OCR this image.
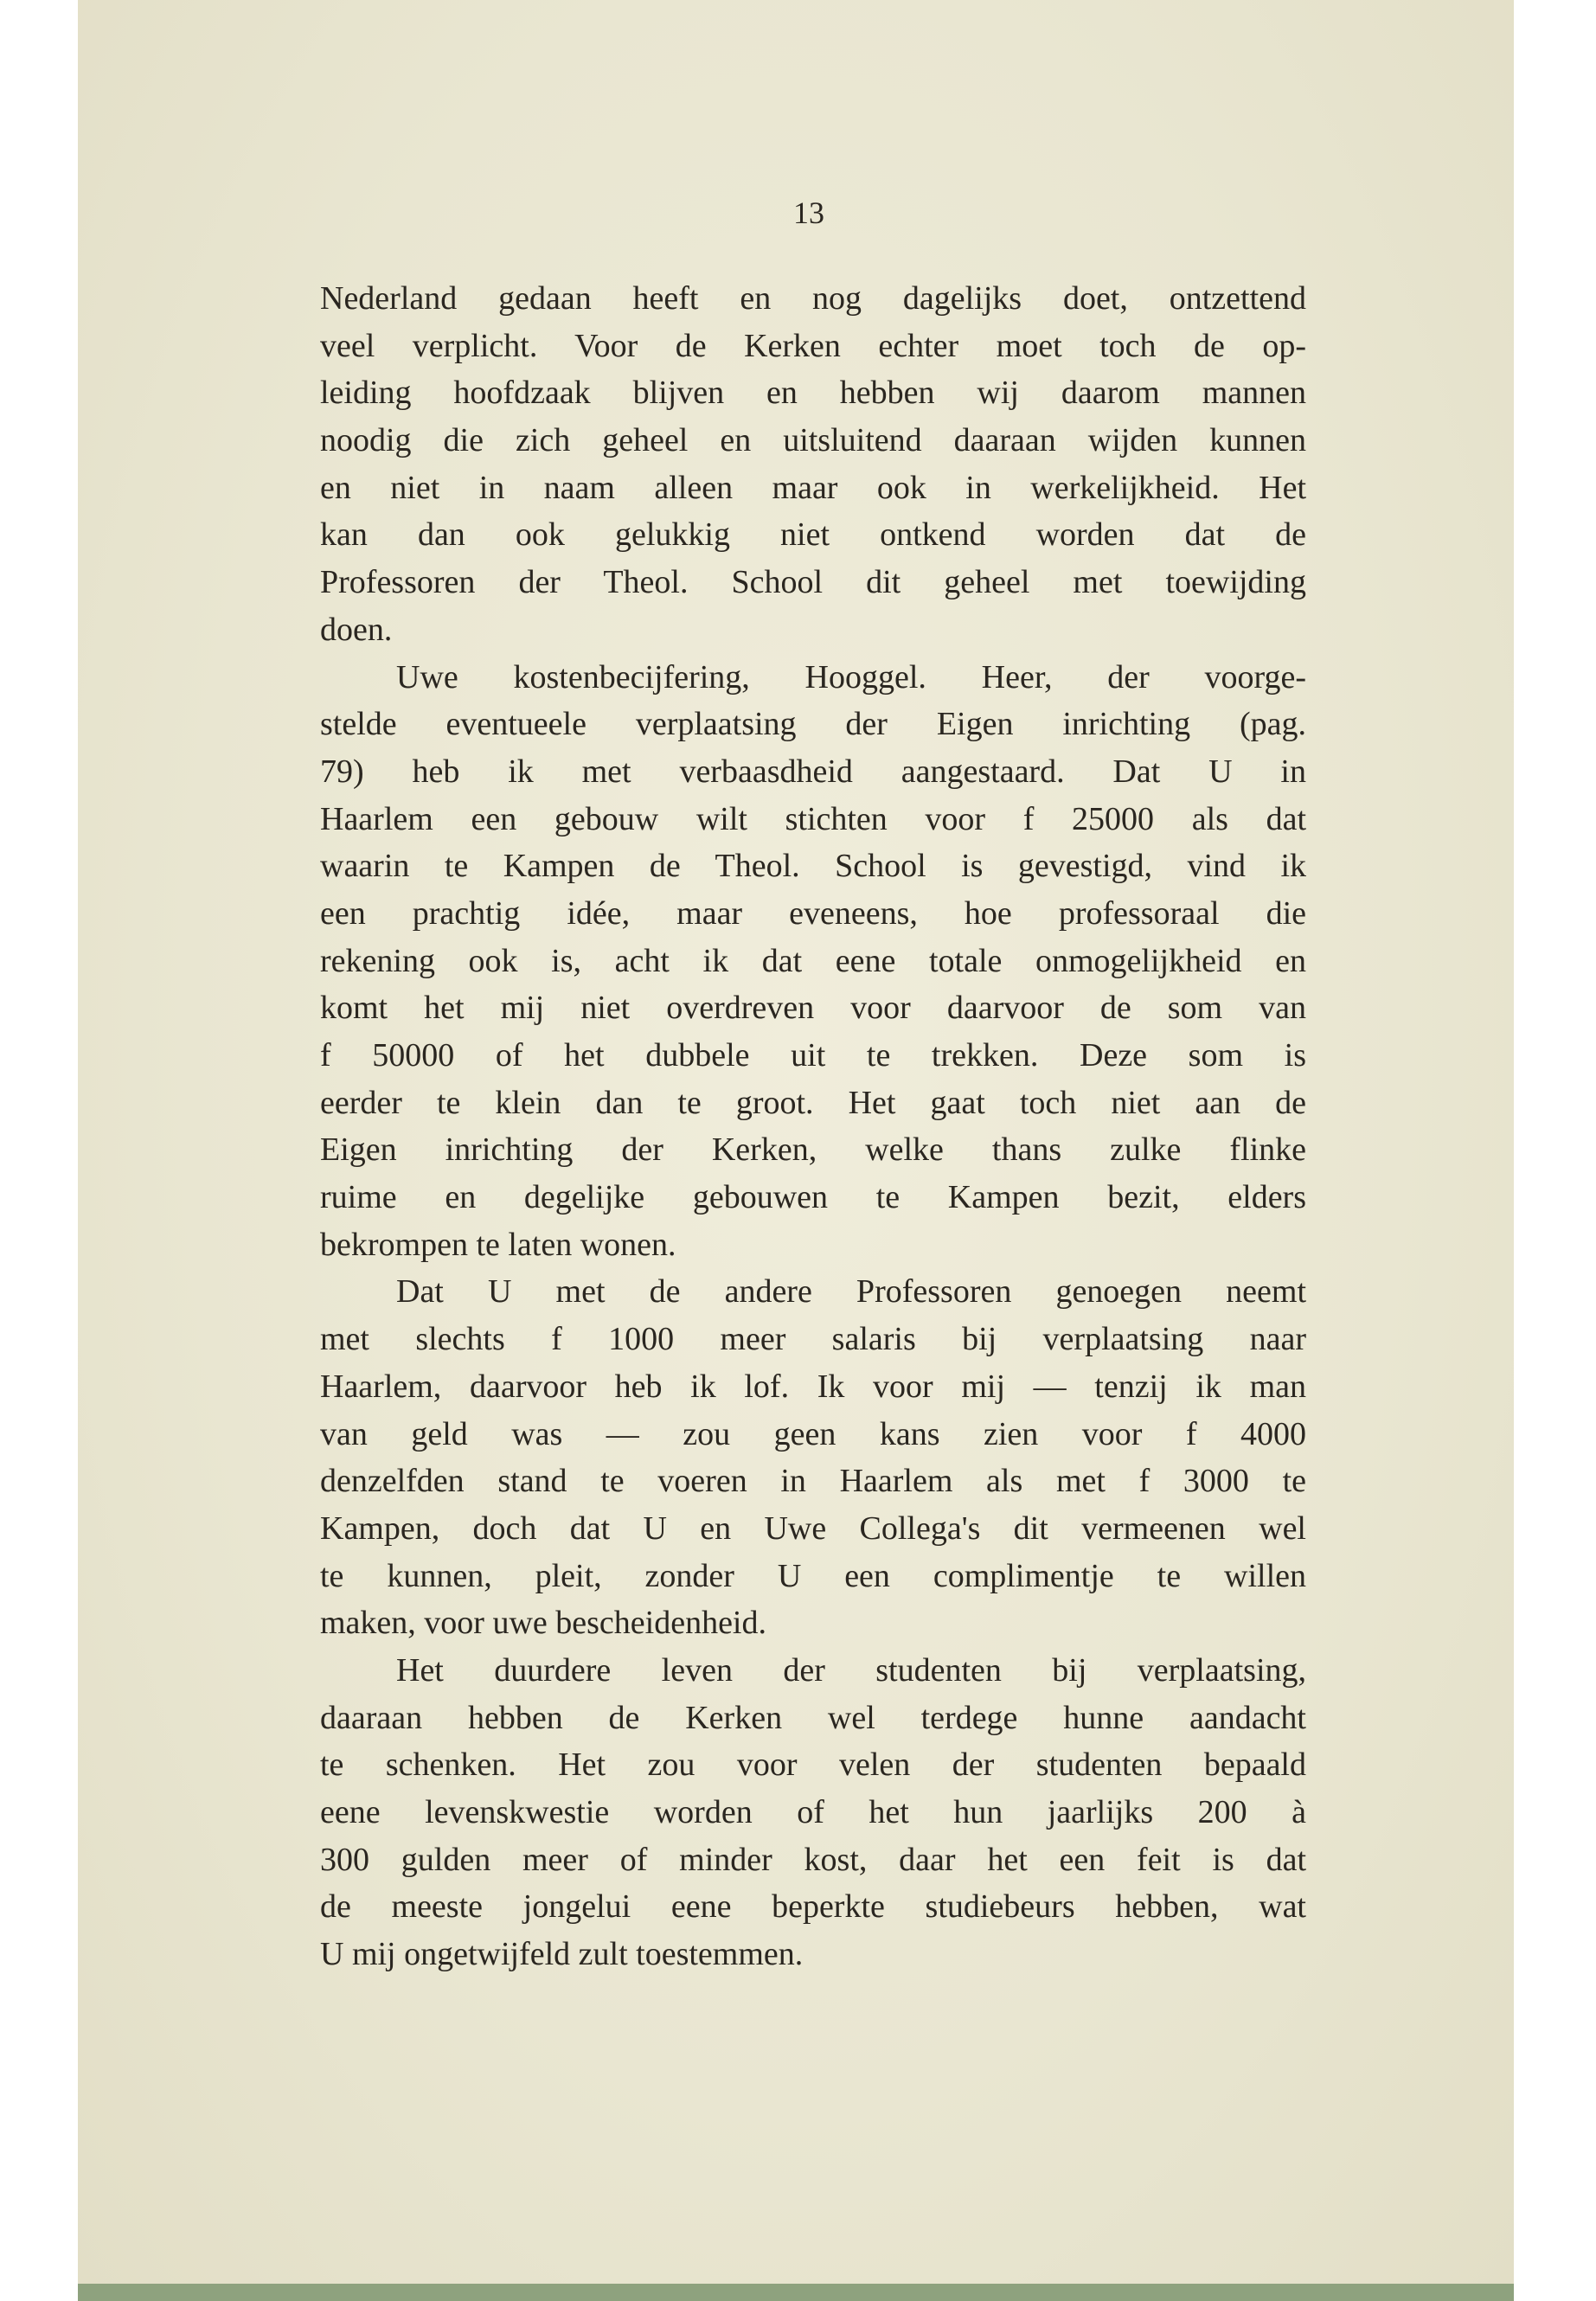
13
Nederland gedaan heeft en nog dagelijks doet, ontzettend
veel verplicht. Voor de Kerken echter moet toch de op-
leiding hoofdzaak blijven en hebben wij daarom mannen
noodig die zich geheel en uitsluitend daaraan wijden kunnen
en niet in naam alleen maar ook in werkelijkheid. Het
kan dan ook gelukkig niet ontkend worden dat de
Professoren der Theol. School dit geheel met toewijding
doen.
Uwe kostenbecijfering, Hooggel. Heer, der voorge-
stelde eventueele verplaatsing der Eigen inrichting (pag.
79) heb ik met verbaasdheid aangestaard. Dat U in
Haarlem een gebouw wilt stichten voor f 25000 als dat
waarin te Kampen de Theol. School is gevestigd, vind ik
een prachtig idée, maar eveneens, hoe professoraal die
rekening ook is, acht ik dat eene totale onmogelijkheid en
komt het mij niet overdreven voor daarvoor de som van
f 50000 of het dubbele uit te trekken. Deze som is
eerder te klein dan te groot. Het gaat toch niet aan de
Eigen inrichting der Kerken, welke thans zulke flinke
ruime en degelijke gebouwen te Kampen bezit, elders
bekrompen te laten wonen.
Dat U met de andere Professoren genoegen neemt
met slechts f 1000 meer salaris bij verplaatsing naar
Haarlem, daarvoor heb ik lof. Ik voor mij — tenzij ik man
van geld was — zou geen kans zien voor f 4000
denzelfden stand te voeren in Haarlem als met f 3000 te
Kampen, doch dat U en Uwe Collega's dit vermeenen wel
te kunnen, pleit, zonder U een complimentje te willen
maken, voor uwe bescheidenheid.
Het duurdere leven der studenten bij verplaatsing,
daaraan hebben de Kerken wel terdege hunne aandacht
te schenken. Het zou voor velen der studenten bepaald
eene levenskwestie worden of het hun jaarlijks 200 à
300 gulden meer of minder kost, daar het een feit is dat
de meeste jongelui eene beperkte studiebeurs hebben, wat
U mij ongetwijfeld zult toestemmen.
